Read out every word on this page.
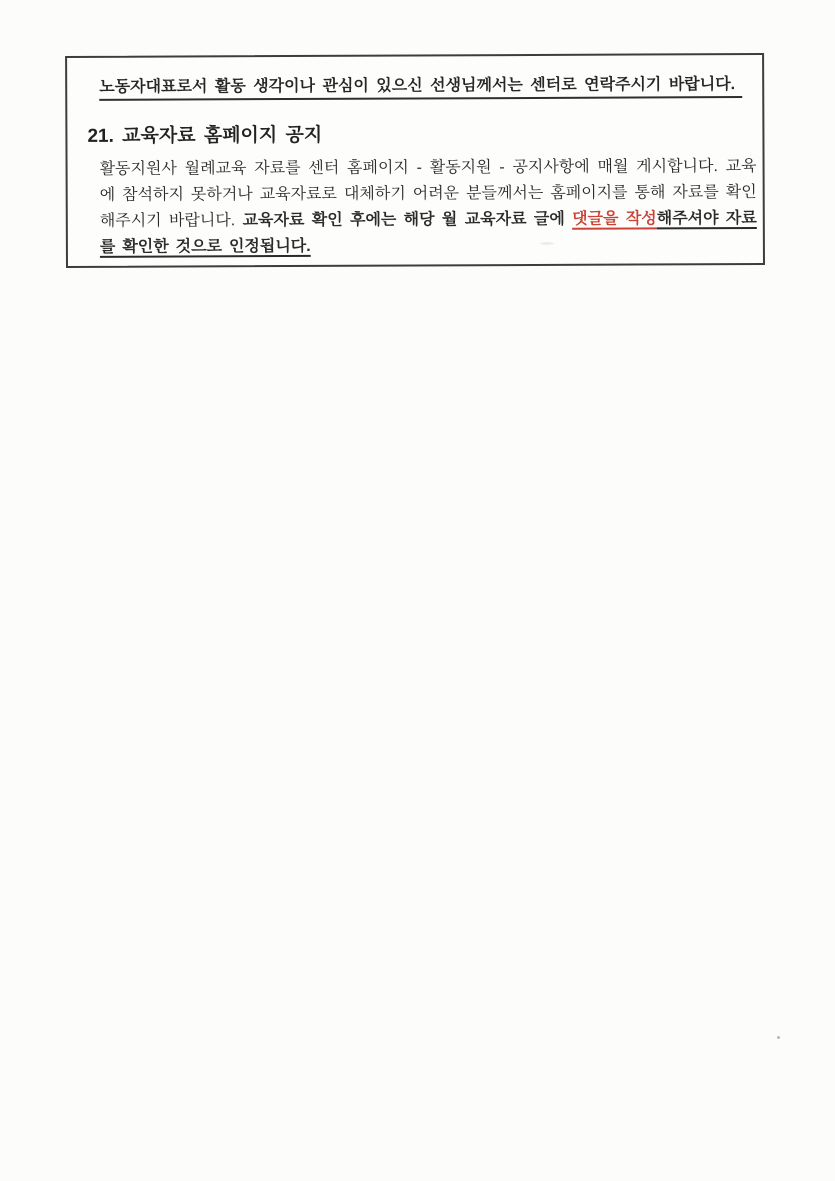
노동자대표로서 활동 생각이나 관심이 있으신 선생님께서는 센터로 연락주시기 바랍니다.

21. 교육자료 홈페이지 공지

활동지원사 월례교육 자료를 센터 홈페이지 - 활동지원 - 공지사항에 매월 게시합니다. 교육에 참석하지 못하거나 교육자료로 대체하기 어려운 분들께서는 홈페이지를 통해 자료를 확인해주시기 바랍니다. 교육자료 확인 후에는 해당 월 교육자료 글에 댓글을 작성해주셔야 자료를 확인한 것으로 인정됩니다.
